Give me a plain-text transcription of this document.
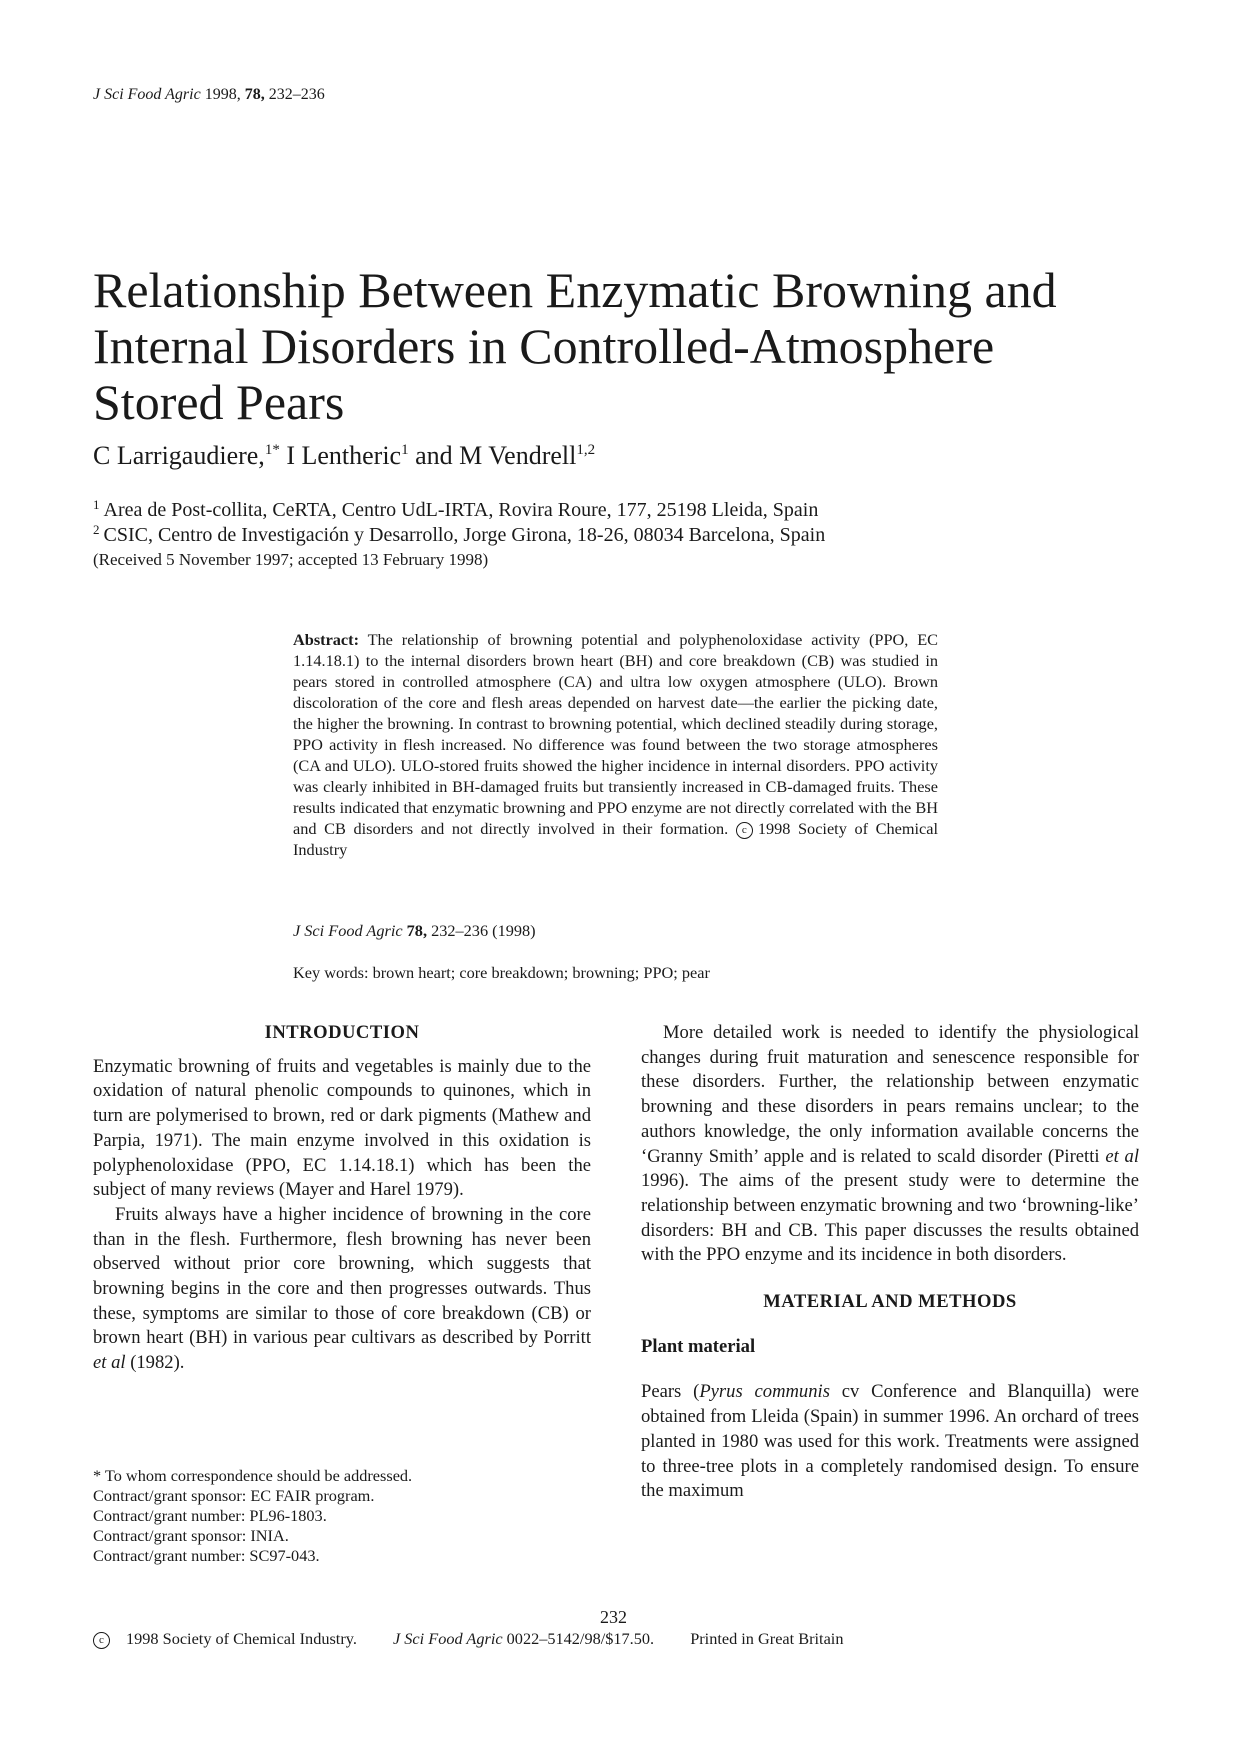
J Sci Food Agric 1998, 78, 232–236
Relationship Between Enzymatic Browning and
Internal Disorders in Controlled-Atmosphere
Stored Pears
C Larrigaudiere,$^{1*}$ I Lentheric$^1$ and M Vendrell$^{1,2}$
$^1$ Area de Post-collita, CeRTA, Centro UdL-IRTA, Rovira Roure, 177, 25198 Lleida, Spain
$^2$ CSIC, Centro de Investigación y Desarrollo, Jorge Girona, 18-26, 08034 Barcelona, Spain
(Received 5 November 1997; accepted 13 February 1998)
Abstract: The relationship of browning potential and polyphenoloxidase activity (PPO, EC 1.14.18.1) to the internal disorders brown heart (BH) and core breakdown (CB) was studied in pears stored in controlled atmosphere (CA) and ultra low oxygen atmosphere (ULO). Brown discoloration of the core and flesh areas depended on harvest date—the earlier the picking date, the higher the browning. In contrast to browning potential, which declined steadily during storage, PPO activity in flesh increased. No difference was found between the two storage atmospheres (CA and ULO). ULO-stored fruits showed the higher incidence in internal disorders. PPO activity was clearly inhibited in BH-damaged fruits but transiently increased in CB-damaged fruits. These results indicated that enzymatic browning and PPO enzyme are not directly correlated with the BH and CB disorders and not directly involved in their formation. c 1998 Society of Chemical Industry
J Sci Food Agric 78, 232–236 (1998)
Key words: brown heart; core breakdown; browning; PPO; pear
INTRODUCTION

Enzymatic browning of fruits and vegetables is mainly due to the oxidation of natural phenolic compounds to quinones, which in turn are polymerised to brown, red or dark pigments (Mathew and Parpia, 1971). The main enzyme involved in this oxidation is polyphenoloxidase (PPO, EC 1.14.18.1) which has been the subject of many reviews (Mayer and Harel 1979).

Fruits always have a higher incidence of browning in the core than in the flesh. Furthermore, flesh browning has never been observed without prior core browning, which suggests that browning begins in the core and then progresses outwards. Thus these, symptoms are similar to those of core breakdown (CB) or brown heart (BH) in various pear cultivars as described by Porritt et al (1982).

* To whom correspondence should be addressed.
Contract/grant sponsor: EC FAIR program.
Contract/grant number: PL96-1803.
Contract/grant sponsor: INIA.
Contract/grant number: SC97-043.

More detailed work is needed to identify the physiological changes during fruit maturation and senescence responsible for these disorders. Further, the relationship between enzymatic browning and these disorders in pears remains unclear; to the authors knowledge, the only information available concerns the ‘Granny Smith’ apple and is related to scald disorder (Piretti et al 1996). The aims of the present study were to determine the relationship between enzymatic browning and two ‘browning-like’ disorders: BH and CB. This paper discusses the results obtained with the PPO enzyme and its incidence in both disorders.

MATERIAL AND METHODS
Plant material

Pears (Pyrus communis cv Conference and Blanquilla) were obtained from Lleida (Spain) in summer 1996. An orchard of trees planted in 1980 was used for this work. Treatments were assigned to three-tree plots in a completely randomised design. To ensure the maximum

232
c 1998 Society of Chemical Industry. J Sci Food Agric 0022–5142/98/$17.50. Printed in Great Britain
